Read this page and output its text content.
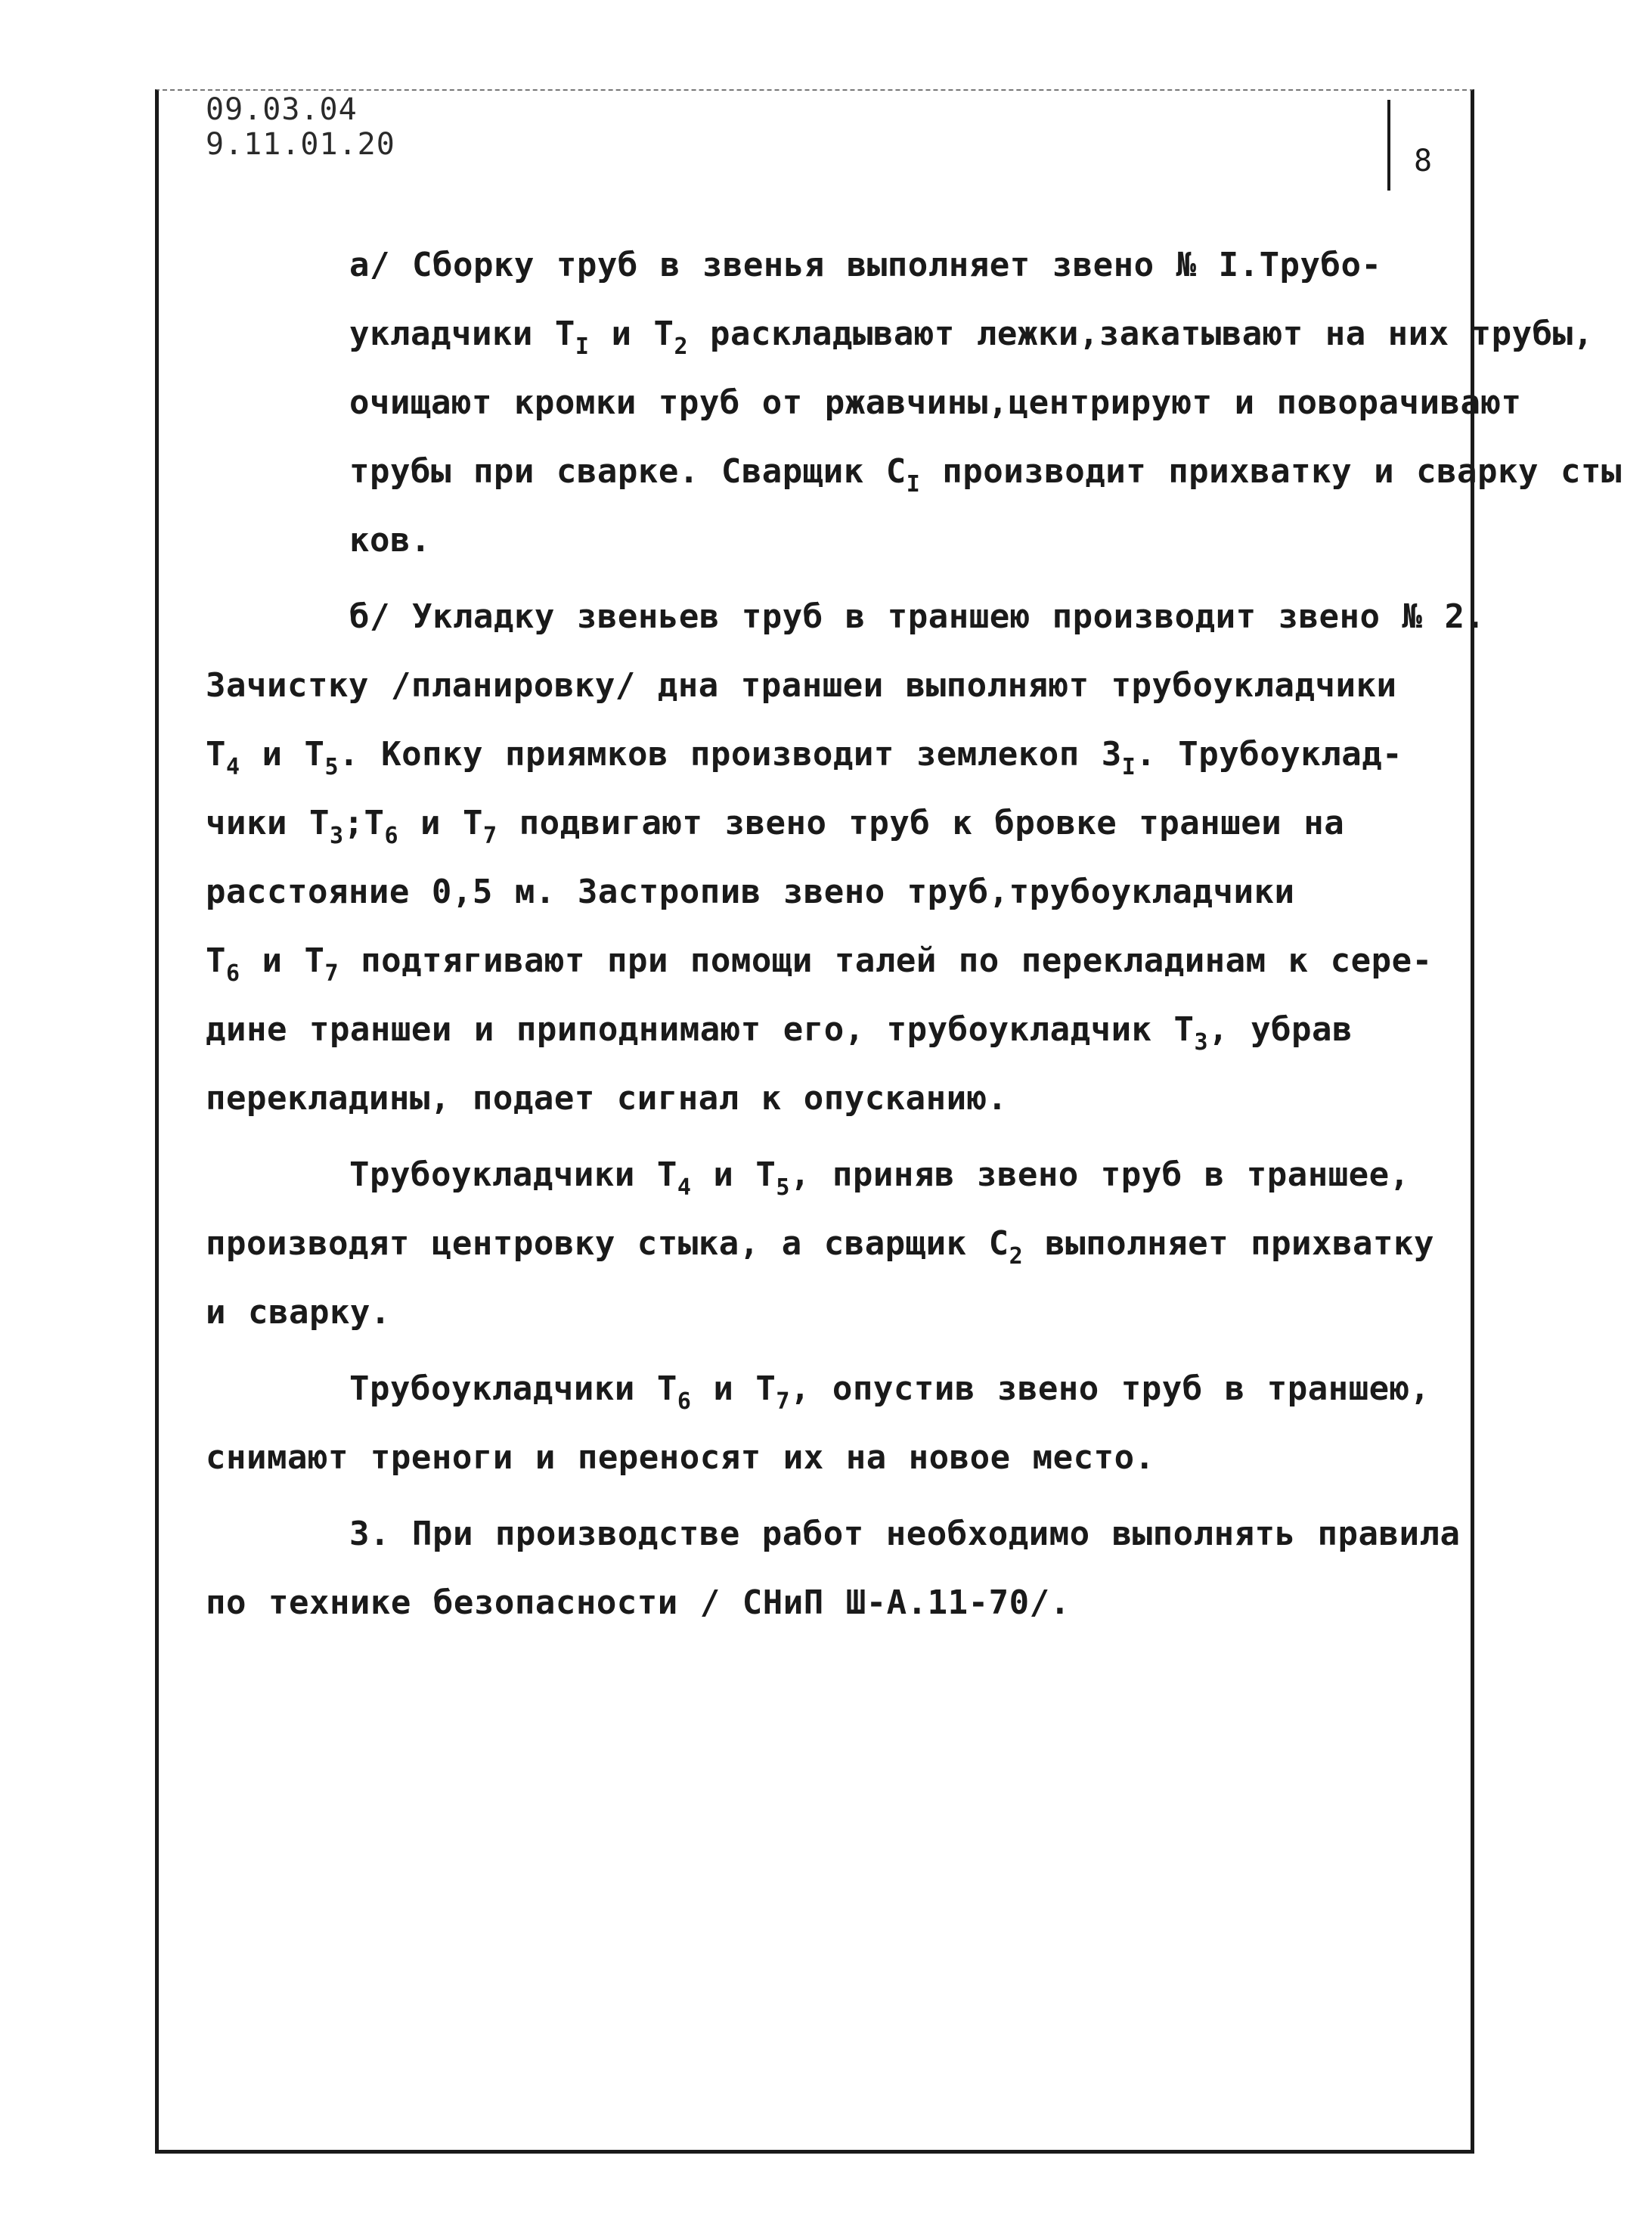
8
09.03.04
9.11.01.20

а/ Сборку труб в звенья выполняет звено № I.Трубо-
укладчики $Т_I$ и $Т_2$ раскладывают лежки,закатывают на них трубы,
очищают кромки труб от ржавчины,центрируют и поворачивают
трубы при сварке. Сварщик $С_I$ производит прихватку и сварку сты
ков.

б/ Укладку звеньев труб в траншею производит звено № 2.
Зачистку /планировку/ дна траншеи выполняют трубоукладчики
$Т_4$ и $Т_5$. Копку приямков производит землекоп $З_I$. Трубоуклад-
чики $Т_3;Т_6$ и $Т_7$ подвигают звено труб к бровке траншеи на
расстояние 0,5 м. Застропив звено труб,трубоукладчики
$Т_6$ и $Т_7$ подтягивают при помощи талей по перекладинам к сере-
дине траншеи и приподнимают его, трубоукладчик $Т_3$, убрав
перекладины, подает сигнал к опусканию.

Трубоукладчики $Т_4$ и $Т_5$, приняв звено труб в траншее,
производят центровку стыка, а сварщик $С_2$ выполняет прихватку
и сварку.

Трубоукладчики $Т_6$ и $Т_7$, опустив звено труб в траншею,
снимают треноги и переносят их на новое место.

3. При производстве работ необходимо выполнять правила
по технике безопасности / СНиП Ш-А.11-70/.
